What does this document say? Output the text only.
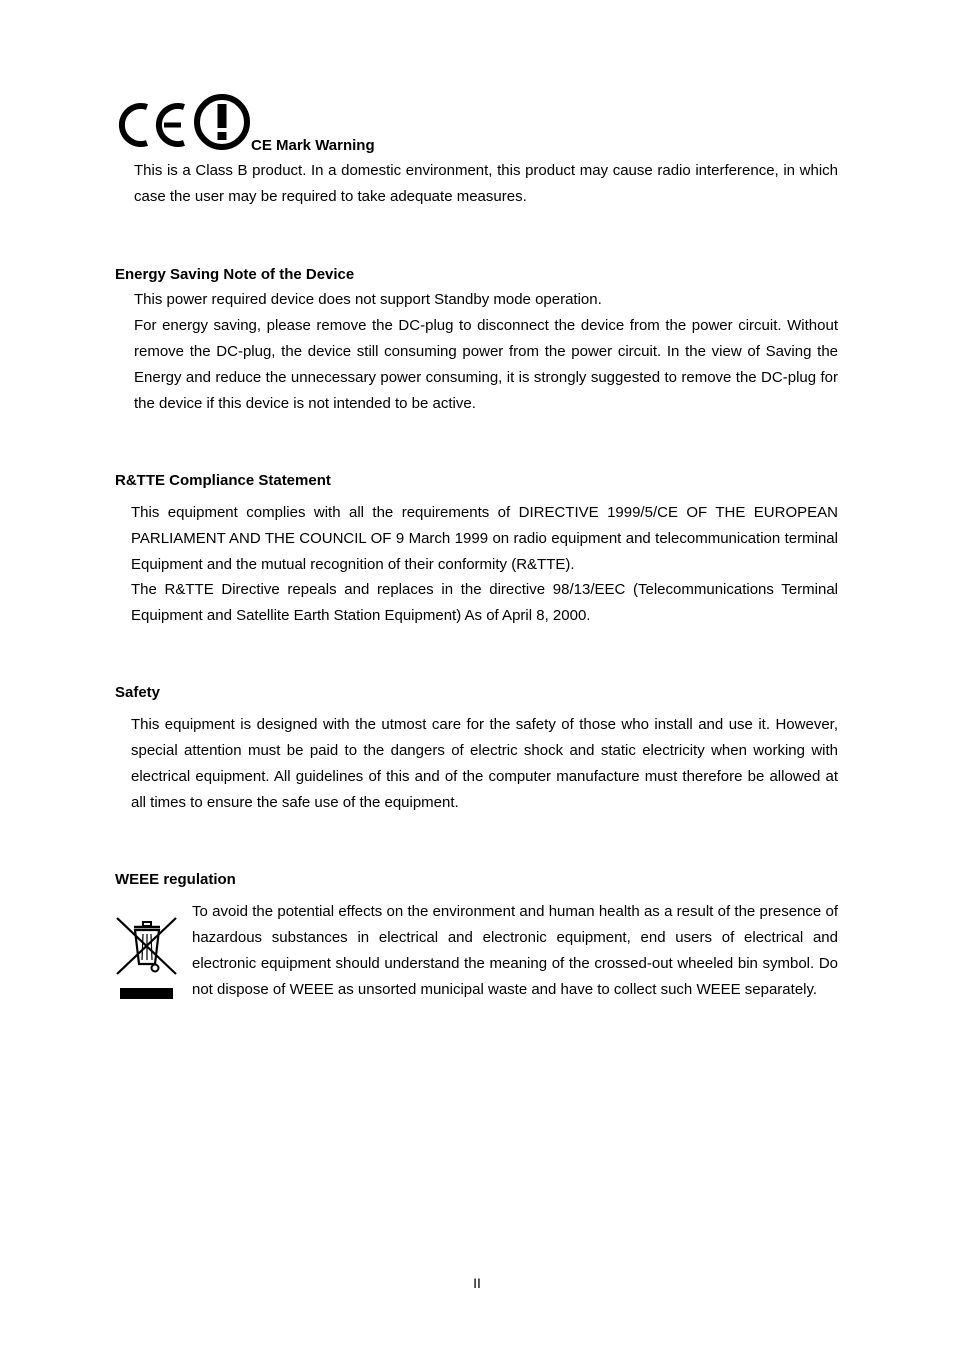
CE Mark Warning

This is a Class B product. In a domestic environment, this product may cause radio interference, in which case the user may be required to take adequate measures.

Energy Saving Note of the Device

This power required device does not support Standby mode operation.

For energy saving, please remove the DC-plug to disconnect the device from the power circuit. Without remove the DC-plug, the device still consuming power from the power circuit. In the view of Saving the Energy and reduce the unnecessary power consuming, it is strongly suggested to remove the DC-plug for the device if this device is not intended to be active.

R&TTE Compliance Statement

This equipment complies with all the requirements of DIRECTIVE 1999/5/CE OF THE EUROPEAN PARLIAMENT AND THE COUNCIL OF 9 March 1999 on radio equipment and telecommunication terminal Equipment and the mutual recognition of their conformity (R&TTE).

The R&TTE Directive repeals and replaces in the directive 98/13/EEC (Telecommunications Terminal Equipment and Satellite Earth Station Equipment) As of April 8, 2000.

Safety

This equipment is designed with the utmost care for the safety of those who install and use it. However, special attention must be paid to the dangers of electric shock and static electricity when working with electrical equipment. All guidelines of this and of the computer manufacture must therefore be allowed at all times to ensure the safe use of the equipment.

WEEE regulation

To avoid the potential effects on the environment and human health as a result of the presence of hazardous substances in electrical and electronic equipment, end users of electrical and electronic equipment should understand the meaning of the crossed-out wheeled bin symbol. Do not dispose of WEEE as unsorted municipal waste and have to collect such WEEE separately.

II
